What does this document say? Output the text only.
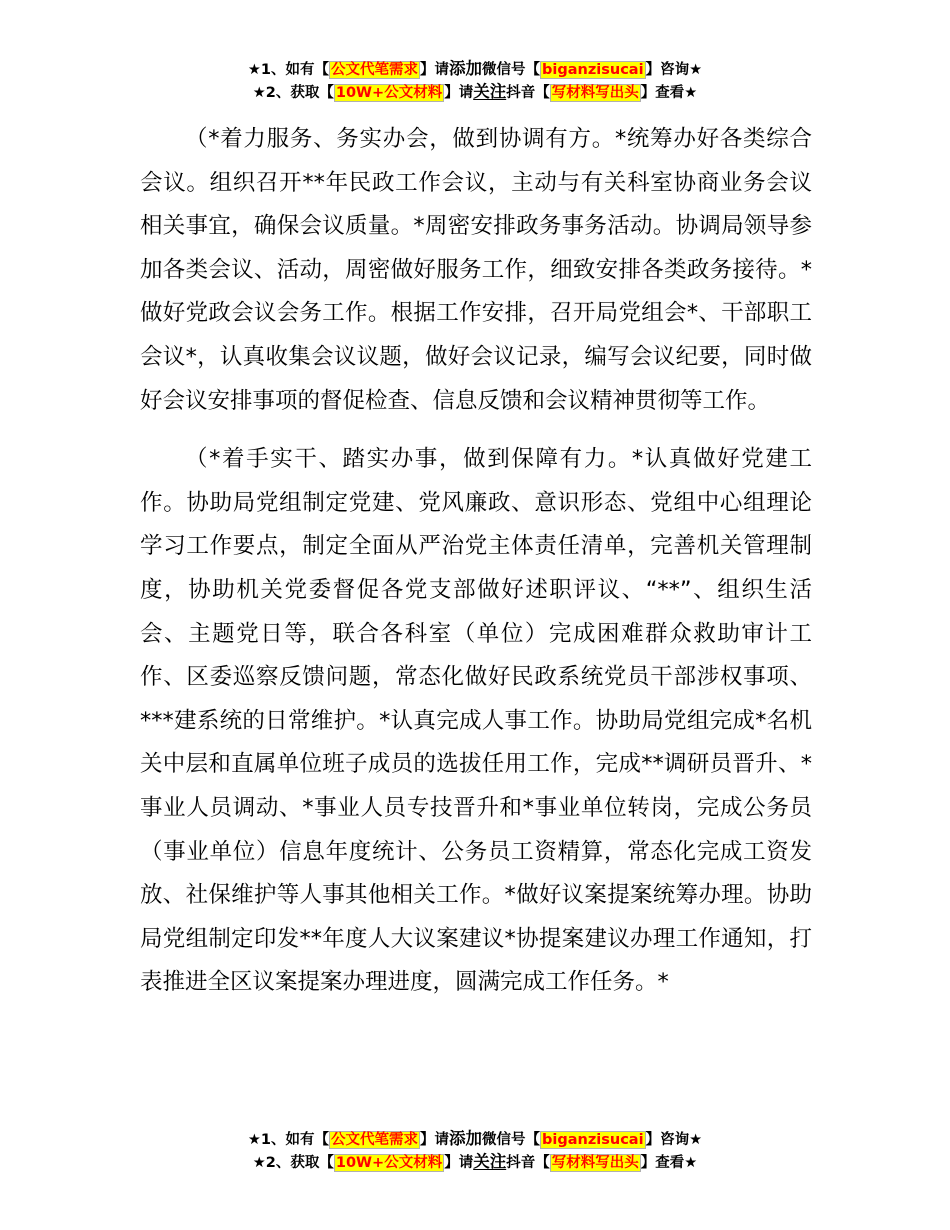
★1、如有【 公文代笔需求 】请添加微信号【 biganzisucai 】咨询★
★2、获取【 10W+公文材料 】请关注抖音【 写材料写出头 】查看★

（*着力服务、务实办会，做到协调有方。*统筹办好各类综合会议。组织召开**年民政工作会议，主动与有关科室协商业务会议相关事宜，确保会议质量。*周密安排政务事务活动。协调局领导参加各类会议、活动，周密做好服务工作，细致安排各类政务接待。*做好党政会议会务工作。根据工作安排，召开局党组会*、干部职工会议*，认真收集会议议题，做好会议记录，编写会议纪要，同时做好会议安排事项的督促检查、信息反馈和会议精神贯彻等工作。

（*着手实干、踏实办事，做到保障有力。*认真做好党建工作。协助局党组制定党建、党风廉政、意识形态、党组中心组理论学习工作要点，制定全面从严治党主体责任清单，完善机关管理制度，协助机关党委督促各党支部做好述职评议、“**”、组织生活会、主题党日等，联合各科室（单位）完成困难群众救助审计工作、区委巡察反馈问题，常态化做好民政系统党员干部涉权事项、***建系统的日常维护。*认真完成人事工作。协助局党组完成*名机关中层和直属单位班子成员的选拔任用工作，完成**调研员晋升、*事业人员调动、*事业人员专技晋升和*事业单位转岗，完成公务员（事业单位）信息年度统计、公务员工资精算，常态化完成工资发放、社保维护等人事其他相关工作。*做好议案提案统筹办理。协助局党组制定印发**年度人大议案建议*协提案建议办理工作通知，打表推进全区议案提案办理进度，圆满完成工作任务。*

★1、如有【 公文代笔需求 】请添加微信号【 biganzisucai 】咨询★
★2、获取【 10W+公文材料 】请关注抖音【 写材料写出头 】查看★
